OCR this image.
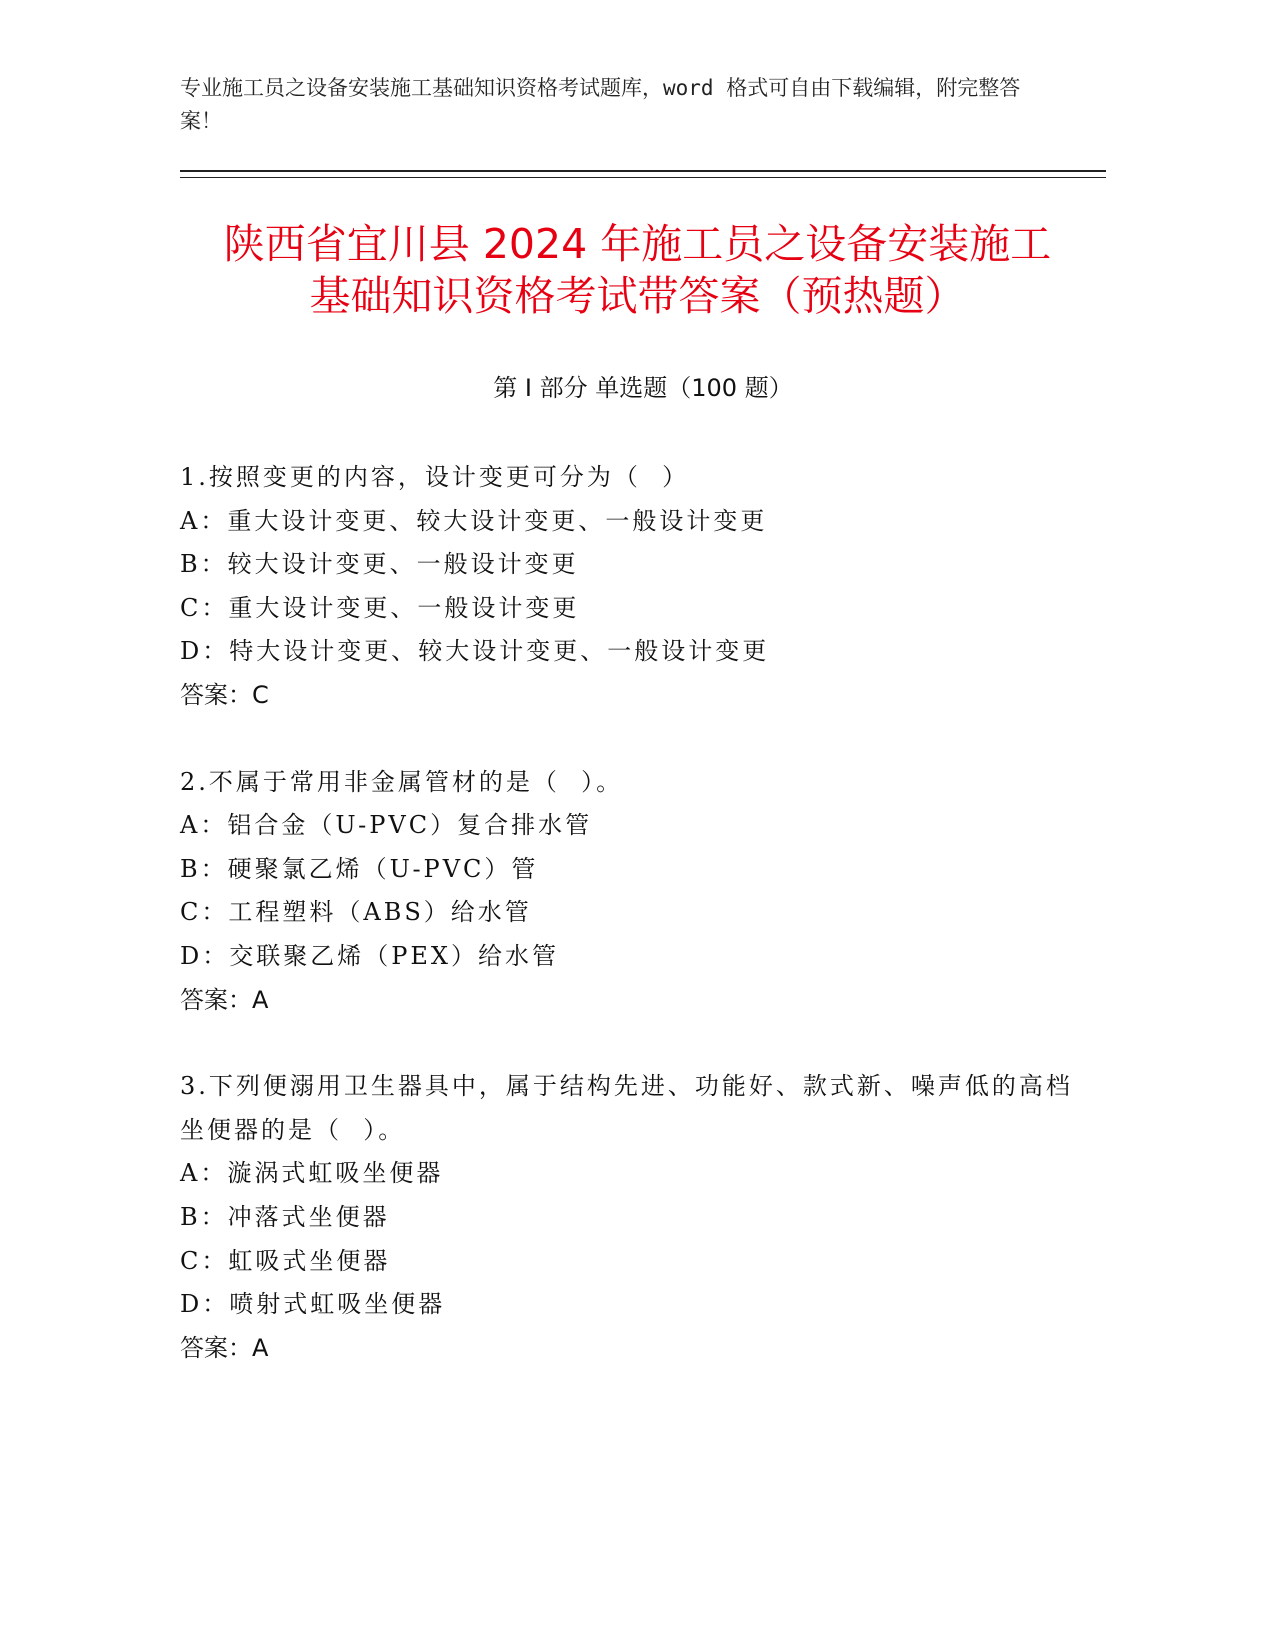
专业施工员之设备安装施工基础知识资格考试题库，word 格式可自由下载编辑，附完整答案！
陕西省宜川县 2024 年施工员之设备安装施工
基础知识资格考试带答案（预热题）
第 I 部分 单选题（100 题）
1.按照变更的内容，设计变更可分为（  ）
A：重大设计变更、较大设计变更、一般设计变更
B：较大设计变更、一般设计变更
C：重大设计变更、一般设计变更
D：特大设计变更、较大设计变更、一般设计变更
答案：C
2.不属于常用非金属管材的是（  ）。
A：铝合金（U-PVC）复合排水管
B：硬聚氯乙烯（U-PVC）管
C：工程塑料（ABS）给水管
D：交联聚乙烯（PEX）给水管
答案：A
3.下列便溺用卫生器具中，属于结构先进、功能好、款式新、噪声低的高档坐便器的是（  ）。
A：漩涡式虹吸坐便器
B：冲落式坐便器
C：虹吸式坐便器
D：喷射式虹吸坐便器
答案：A
